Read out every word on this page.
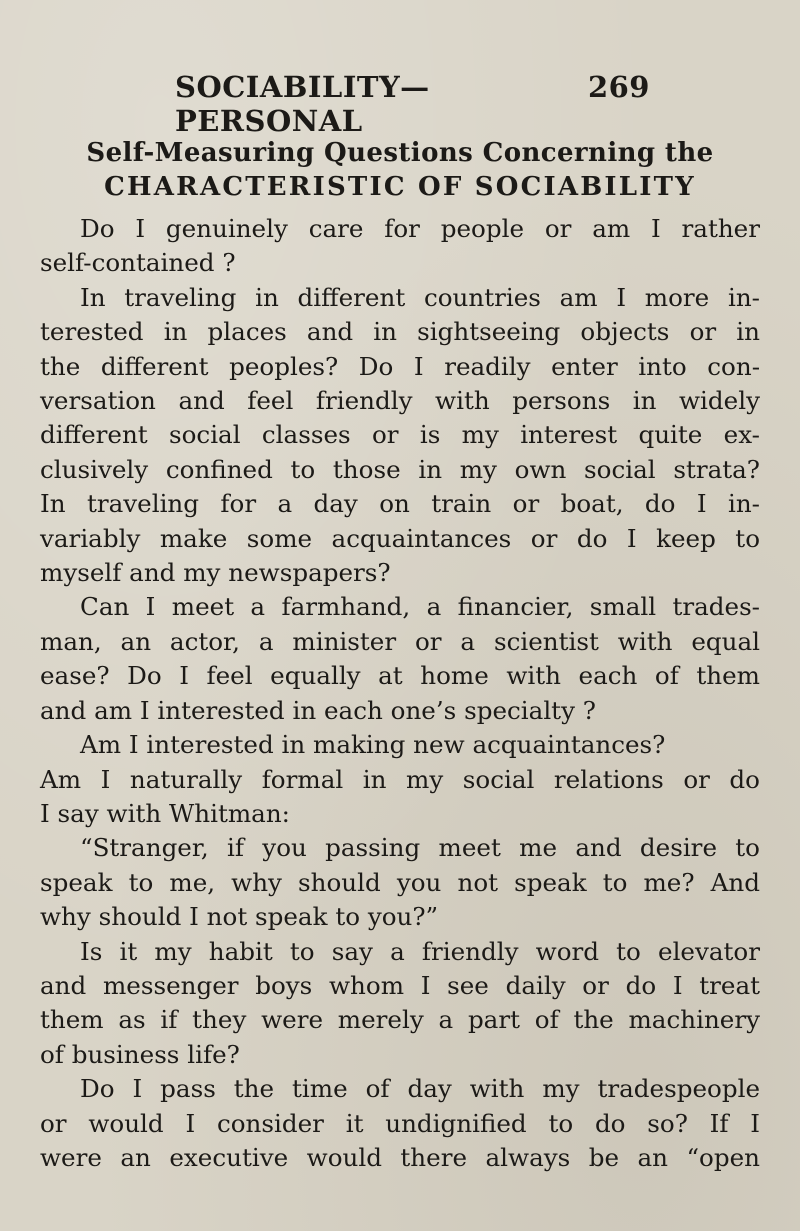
SOCIABILITY—PERSONAL
269
Self-Measuring Questions Concerning the
CHARACTERISTIC OF SOCIABILITY
Do I genuinely care for people or am I rather
self-contained ?
In traveling in different countries am I more in-
terested in places and in sightseeing objects or in
the different peoples? Do I readily enter into con-
versation and feel friendly with persons in widely
different social classes or is my interest quite ex-
clusively confined to those in my own social strata?
In traveling for a day on train or boat, do I in-
variably make some acquaintances or do I keep to
myself and my newspapers?
Can I meet a farmhand, a financier, small trades-
man, an actor, a minister or a scientist with equal
ease? Do I feel equally at home with each of them
and am I interested in each one’s specialty ?
Am I interested in making new acquaintances?
Am I naturally formal in my social relations or do
I say with Whitman:
“Stranger, if you passing meet me and desire to
speak to me, why should you not speak to me? And
why should I not speak to you?”
Is it my habit to say a friendly word to elevator
and messenger boys whom I see daily or do I treat
them as if they were merely a part of the machinery
of business life?
Do I pass the time of day with my tradespeople
or would I consider it undignified to do so? If I
were an executive would there always be an “open
